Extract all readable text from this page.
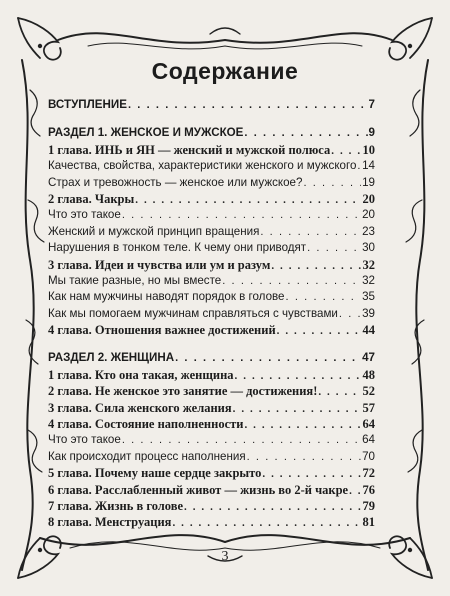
Содержание
ВСТУПЛЕНИЕ . . .	7
РАЗДЕЛ 1. ЖЕНСКОЕ И МУЖСКОЕ . . .	9
1 глава. ИНЬ и ЯН — женский и мужской полюса . . .	10
Качества, свойства, характеристики женского и мужского . . . 14
Страх и тревожность — женское или мужское? . . .	19
2 глава. Чакры . . .	20
Что это такое . . .	20
Женский и мужской принцип вращения . . .	23
Нарушения в тонком теле. К чему они приводят . . .	30
3 глава. Идеи и чувства или ум и разум . . .	32
Мы такие разные, но мы вместе . . .	32
Как нам мужчины наводят порядок в голове . . .	35
Как мы помогаем мужчинам справляться с чувствами . . . 39
4 глава. Отношения важнее достижений . . .	44
РАЗДЕЛ 2. ЖЕНЩИНА . . .	47
1 глава. Кто она такая, женщина . . .	48
2 глава. Не женское это занятие — достижения! . . .	52
3 глава. Сила женского желания . . .	57
4 глава. Состояние наполненности . . .	64
Что это такое . . .	64
Как происходит процесс наполнения . . .	70
5 глава. Почему наше сердце закрыто . . .	72
6 глава. Расслабленный живот — жизнь во 2-й чакре . . . 76
7 глава. Жизнь в голове . . .	79
8 глава. Менструация . . .	81
3
